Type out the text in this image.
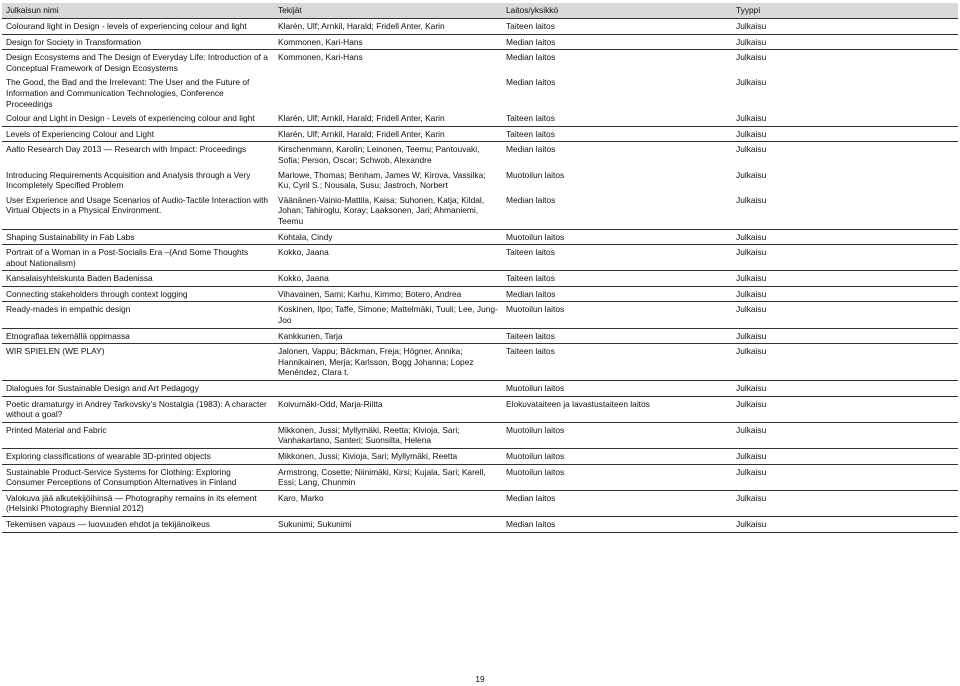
Julkaisun nimi	Tekijät	Laitos/yksikkö	Tyyppi
Colourand light in Design - levels of experiencing colour and light	Klarén, Ulf; Arnkil, Harald; Fridell Anter, Karin	Taiteen laitos	Julkaisu
Design for Society in Transformation	Kommonen, Kari-Hans	Median laitos	Julkaisu
Design Ecosystems and The Design of Everyday Life: Introduction of a Conceptual Framework of Design Ecosystems	Kommonen, Kari-Hans	Median laitos	Julkaisu
The Good, the Bad and the Irrelevant: The User and the Future of Information and Communication Technologies, Conference Proceedings		Median laitos	Julkaisu
Colour and Light in Design - Levels of experiencing colour and light	Klarén, Ulf; Arnkil, Harald; Fridell Anter, Karin	Taiteen laitos	Julkaisu
Levels of Experiencing Colour and Light	Klarén, Ulf; Arnkil, Harald; Fridell Anter, Karin	Taiteen laitos	Julkaisu
Aalto Research Day 2013 — Research with Impact: Proceedings	Kirschenmann, Karolin; Leinonen, Teemu; Pantouvaki, Sofia; Person, Oscar; Schwob, Alexandre	Median laitos	Julkaisu
Introducing Requirements Acquisition and Analysis through a Very Incompletely Specified Problem	Marlowe, Thomas; Benham, James W; Kirova, Vassilka; Ku, Cyril S.; Nousala, Susu; Jastroch, Norbert	Muotoilun laitos	Julkaisu
User Experience and Usage Scenarios of Audio-Tactile Interaction with Virtual Objects in a Physical Environment.	Väänänen-Vainio-Mattila, Kaisa; Suhonen, Katja; Kildal, Johan; Tahiroglu, Koray; Laaksonen, Jari; Ahmaniemi, Teemu	Median laitos	Julkaisu
Shaping Sustainability in Fab Labs	Kohtala, Cindy	Muotoilun laitos	Julkaisu
Portrait of a Woman in a Post-Socialis Era –(And Some Thoughts about Nationalism)	Kokko, Jaana	Taiteen laitos	Julkaisu
Kansalaisyhteiskunta Baden Badenissa	Kokko, Jaana	Taiteen laitos	Julkaisu
Connecting stakeholders through context logging	Vihavainen, Sami; Karhu, Kimmo; Botero, Andrea	Median laitos	Julkaisu
Ready-mades in empathic design	Koskinen, Ilpo; Taffe, Simone; Mattelmäki, Tuuli; Lee, Jung-Joo	Muotoilun laitos	Julkaisu
Etnografiaa tekemällä oppimassa	Kankkunen, Tarja	Taiteen laitos	Julkaisu
WIR SPIELEN (WE PLAY)	Jalonen, Vappu; Bäckman, Freja; Högner, Annika; Hannikainen, Merja; Karlsson, Bogg Johanna; Lopez Menéndez, Clara t.	Taiteen laitos	Julkaisu
Dialogues for Sustainable Design and Art Pedagogy		Muotoilun laitos	Julkaisu
Poetic dramaturgy in Andrey Tarkovsky’s Nostalgia (1983): A character without a goal?	Koivumäki-Odd, Marja-Riitta	Elokuvataiteen ja lavastustaiteen laitos	Julkaisu
Printed Material and Fabric	Mikkonen, Jussi; Myllymäki, Reetta; Kivioja, Sari; Vanhakartano, Santeri; Suonsilta, Helena	Muotoilun laitos	Julkaisu
Exploring classifications of wearable 3D-printed objects	Mikkonen, Jussi; Kivioja, Sari; Myllymäki, Reetta	Muotoilun laitos	Julkaisu
Sustainable Product-Service Systems for Clothing: Exploring Consumer Perceptions of Consumption Alternatives in Finland	Armstrong, Cosette; Niinimäki, Kirsi; Kujala, Sari; Karell, Essi; Lang, Chunmin	Muotoilun laitos	Julkaisu
Valokuva jää alkutekijöihinsä — Photography remains in its element (Helsinki Photography Biennial 2012)	Karo, Marko	Median laitos	Julkaisu
Tekemisen vapaus — luovuuden ehdot ja tekijänoikeus	Sukunimi; Sukunimi	Median laitos	Julkaisu
19
